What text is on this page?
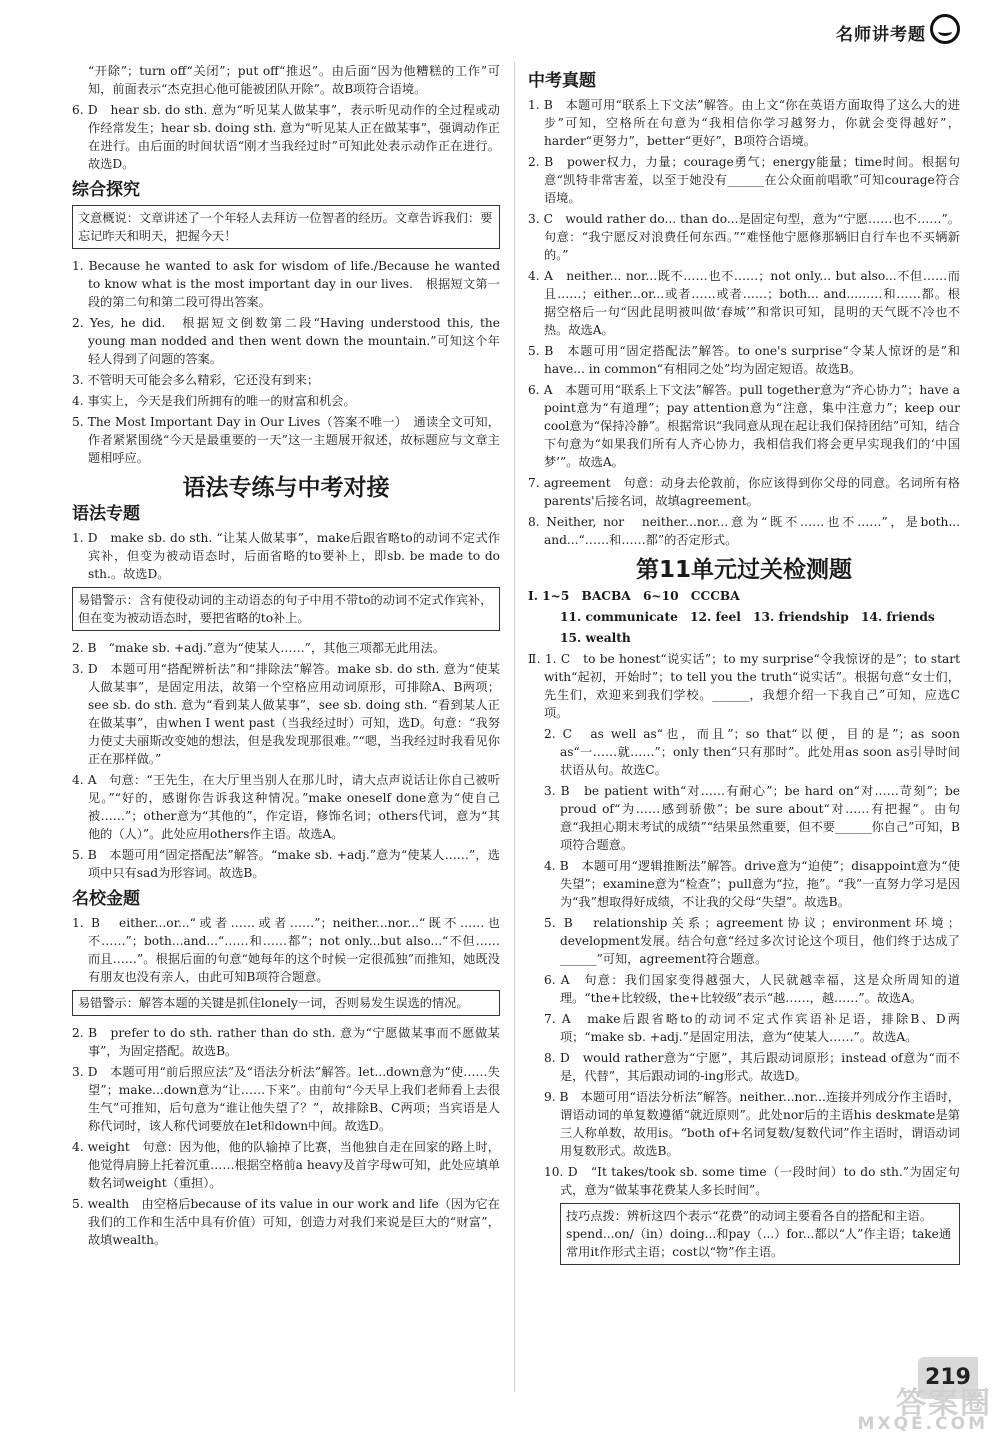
名师讲考题

“开除”；turn off“关闭”；put off“推迟”。由后面“因为他糟糕的工作”可知，前面表示“杰克担心他可能被团队开除”。故B项符合语境。

6. D　hear sb. do sth. 意为“听见某人做某事”，表示听见动作的全过程或动作经常发生；hear sb. doing sth. 意为“听见某人正在做某事”，强调动作正在进行。由后面的时间状语“刚才当我经过时”可知此处表示动作正在进行。故选D。

综合探究
文意概说：文章讲述了一个年轻人去拜访一位智者的经历。文章告诉我们：要忘记昨天和明天，把握今天！

1. Because he wanted to ask for wisdom of life./Because he wanted to know what is the most important day in our lives.　根据短文第一段的第二句和第二段可得出答案。

2. Yes, he did.　根据短文倒数第二段“Having understood this, the young man nodded and then went down the mountain.”可知这个年轻人得到了问题的答案。

3. 不管明天可能会多么精彩，它还没有到来；

4. 事实上，今天是我们所拥有的唯一的财富和机会。

5. The Most Important Day in Our Lives（答案不唯一）　通读全文可知，作者紧紧围绕“今天是最重要的一天”这一主题展开叙述，故标题应与文章主题相呼应。

语法专练与中考对接
语法专题

1. D　make sb. do sth. “让某人做某事”，make后跟省略to的动词不定式作宾补，但变为被动语态时，后面省略的to要补上，即sb. be made to do sth.。故选D。

易错警示：含有使役动词的主动语态的句子中用不带to的动词不定式作宾补，但在变为被动语态时，要把省略的to补上。

2. B　“make sb. +adj.”意为“使某人……”，其他三项都无此用法。

3. D　本题可用“搭配辨析法”和“排除法”解答。make sb. do sth. 意为“使某人做某事”，是固定用法，故第一个空格应用动词原形，可排除A、B两项；see sb. do sth. 意为“看到某人做某事”，see sb. doing sth. “看到某人正在做某事”，由when I went past（当我经过时）可知，选D。句意：“我努力使丈夫丽斯改变她的想法，但是我发现那很难。”“嗯，当我经过时我看见你正在那样做。”

4. A　句意：“王先生，在大厅里当别人在那儿时，请大点声说话让你自己被听见。”“好的，感谢你告诉我这种情况。”make oneself done意为“使自己被……”；other意为“其他的”，作定语，修饰名词；others代词，意为“其他的（人）”。此处应用others作主语。故选A。

5. B　本题可用“固定搭配法”解答。“make sb. +adj.”意为“使某人……”，选项中只有sad为形容词。故选B。

名校金题

1. B　either...or...“或者……或者……”；neither...nor...“既不……也不……”；both...and...“……和……都”；not only...but also...“不但……而且……”。根据后面的句意“她每年的这个时候一定很孤独”而推知，她既没有朋友也没有亲人，由此可知B项符合题意。

易错警示：解答本题的关键是抓住lonely一词，否则易发生误选的情况。

2. B　prefer to do sth. rather than do sth. 意为“宁愿做某事而不愿做某事”，为固定搭配。故选B。

3. D　本题可用“前后照应法”及“语法分析法”解答。let...down意为“使……失望”；make...down意为“让……下来”。由前句“今天早上我们老师看上去很生气”可推知，后句意为“谁让他失望了？”，故排除B、C两项；当宾语是人称代词时，该人称代词要放在let和down中间。故选D。

4. weight　句意：因为他，他的队输掉了比赛，当他独自走在回家的路上时，他觉得肩膀上托着沉重……根据空格前a heavy及首字母w可知，此处应填单数名词weight（重担）。

5. wealth　由空格后because of its value in our work and life（因为它在我们的工作和生活中具有价值）可知，创造力对我们来说是巨大的“财富”，故填wealth。

中考真题

1. B　本题可用“联系上下文法”解答。由上文“你在英语方面取得了这么大的进步”可知，空格所在句意为“我相信你学习越努力，你就会变得越好”，harder“更努力”，better“更好”，B项符合语境。

2. B　power权力，力量；courage勇气；energy能量；time时间。根据句意“凯特非常害羞，以至于她没有______在公众面前唱歌”可知courage符合语境。

3. C　would rather do... than do...是固定句型，意为“宁愿……也不……”。句意：“我宁愿反对浪费任何东西。”“难怪他宁愿修那辆旧自行车也不买辆新的。”

4. A　neither... nor...既不……也不……；not only... but also...不但……而且……；either...or...或者……或者……；both... and...……和……都。根据空格后一句“因此昆明被叫做‘春城’”和常识可知，昆明的天气既不冷也不热。故选A。

5. B　本题可用“固定搭配法”解答。to one's surprise“令某人惊讶的是”和have... in common“有相同之处”均为固定短语。故选B。

6. A　本题可用“联系上下文法”解答。pull together意为“齐心协力”；have a point意为“有道理”；pay attention意为“注意，集中注意力”；keep our cool意为“保持冷静”。根据常识“我同意从现在起让我们保持团结”可知，结合下句意为“如果我们所有人齐心协力，我相信我们将会更早实现我们的‘中国梦’”。故选A。

7. agreement　句意：动身去伦敦前，你应该得到你父母的同意。名词所有格parents'后接名词，故填agreement。

8. Neither, nor　neither...nor...意为“既不……也不……”，是both... and...“……和……都”的否定形式。

第11单元过关检测题

Ⅰ. 1~5　BACBA　6~10　CCCBA

11. communicate　12. feel　13. friendship　14. friends

15. wealth

Ⅱ. 1. C　to be honest“说实话”；to my surprise“令我惊讶的是”；to start with“起初，开始时”；to tell you the truth“说实话”。根据句意“女士们，先生们，欢迎来到我们学校。______，我想介绍一下我自己”可知，应选C项。

2. C　as well as“也，而且”；so that“以便，目的是”；as soon as“一……就……”；only then“只有那时”。此处用as soon as引导时间状语从句。故选C。

3. B　be patient with“对……有耐心”；be hard on“对……苛刻”；be proud of“为……感到骄傲”；be sure about“对……有把握”。由句意“我担心期末考试的成绩”“结果虽然重要，但不要______你自己”可知，B项符合题意。

4. B　本题可用“逻辑推断法”解答。drive意为“迫使”；disappoint意为“使失望”；examine意为“检查”；pull意为“拉，拖”。“我”一直努力学习是因为“我”想取得好成绩，不让我的父母“失望”。故选B。

5. B　relationship关系；agreement协议；environment环境；development发展。结合句意“经过多次讨论这个项目，他们终于达成了______”可知，agreement符合题意。

6. A　句意：我们国家变得越强大，人民就越幸福，这是众所周知的道理。“the+比较级，the+比较级”表示“越……，越……”。故选A。

7. A　make后跟省略to的动词不定式作宾语补足语，排除B、D两项；“make sb. +adj.”是固定用法，意为“使某人……”。故选A。

8. D　would rather意为“宁愿”，其后跟动词原形；instead of意为“而不是，代替”，其后跟动词的-ing形式。故选D。

9. B　本题可用“语法分析法”解答。neither...nor...连接并列成分作主语时，谓语动词的单复数遵循“就近原则”。此处nor后的主语his deskmate是第三人称单数，故用is。“both of+名词复数/复数代词”作主语时，谓语动词用复数形式。故选B。

10. D　“It takes/took sb. some time（一段时间）to do sth.”为固定句式，意为“做某事花费某人多长时间”。

技巧点拨：辨析这四个表示“花费”的动词主要看各自的搭配和主语。spend...on/（in）doing...和pay（...）for...都以“人”作主语；take通常用it作形式主语；cost以“物”作主语。
219
答案圈
MXQE.COM
